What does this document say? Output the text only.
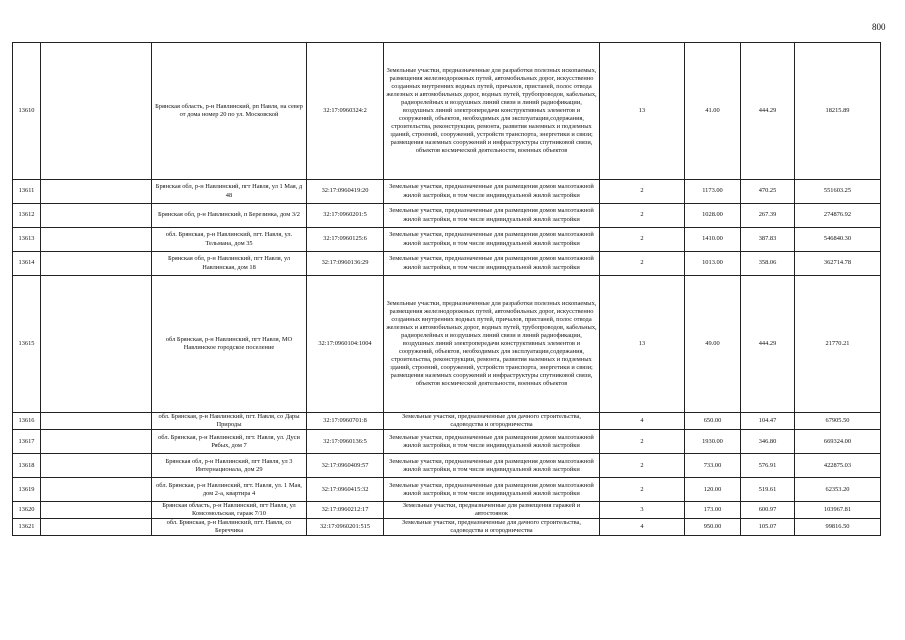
800
13610		Брянская область, р-н Навлинский, рп Навля, на север от дома номер 20 по ул. Московской	32:17:0960324:2	Земельные участки, предназначенные для разработки полезных ископаемых, размещения железнодорожных путей, автомобильных дорог, искусственно созданных внутренних водных путей, причалов, пристаней, полос отвода железных и автомобильных дорог, водных путей, трубопроводов, кабельных, радиорелейных и воздушных линий связи и линий радиофикации, воздушных линий электропередачи конструктивных элементов и сооружений, объектов, необходимых для эксплуатации,содержания, строительства, реконструкции, ремонта, развития наземных и подземных зданий, строений, сооружений, устройств транспорта, энергетики и связи; размещения наземных сооружений и инфраструктуры спутниковой связи, объектов космической деятельности, военных объектов	13	41.00	444.29	18215.89
13611		Брянская обл, р-н Навлинский, пгт Навля, ул 1 Мая, д 48	32:17:0960419:20	Земельные участки, предназначенные для размещения домов малоэтажной жилой застройки, в том числе индивидуальной жилой застройки	2	1173.00	470.25	551603.25
13612		Брянская обл, р-н Навлинский, п Березинка, дом 3/2	32:17:0960201:5	Земельные участки, предназначенные для размещения домов малоэтажной жилой застройки, в том числе индивидуальной жилой застройки	2	1028.00	267.39	274876.92
13613		обл. Брянская, р-н Навлинский, пгт. Навля, ул. Тельмана, дом 35	32:17:0960125:6	Земельные участки, предназначенные для размещения домов малоэтажной жилой застройки, в том числе индивидуальной жилой застройки	2	1410.00	387.83	546840.30
13614		Брянская обл, р-н Навлинский, пгт Навля, ул Навлинская, дом 18	32:17:0960136:29	Земельные участки, предназначенные для размещения домов малоэтажной жилой застройки, в том числе индивидуальной жилой застройки	2	1013.00	358.06	362714.78
13615		обл Брянская, р-н Навлинский, пгт Навля, МО Навлинское городское поселение	32:17:0960104:1004	Земельные участки, предназначенные для разработки полезных ископаемых, размещения железнодорожных путей, автомобильных дорог, искусственно созданных внутренних водных путей, причалов, пристаней, полос отвода железных и автомобильных дорог, водных путей, трубопроводов, кабельных, радиорелейных и воздушных линий связи и линий радиофикации, воздушных линий электропередачи конструктивных элементов и сооружений, объектов, необходимых для эксплуатации,содержания, строительства, реконструкции, ремонта, развития наземных и подземных зданий, строений, сооружений, устройств транспорта, энергетики и связи; размещения наземных сооружений и инфраструктуры спутниковой связи, объектов космической деятельности, военных объектов	13	49.00	444.29	21770.21
13616		обл. Брянская, р-н Навлинский, пгт. Навля, со Дары Природы	32:17:0960701:8	Земельные участки, предназначенные для дачного строительства, садоводства и огородничества	4	650.00	104.47	67905.50
13617		обл. Брянская, р-н Навлинский, пгт. Навля, ул. Дуси Рябых, дом 7	32:17:0960136:5	Земельные участки, предназначенные для размещения домов малоэтажной жилой застройки, в том числе индивидуальной жилой застройки	2	1930.00	346.80	669324.00
13618		Брянская обл, р-н Навлинский, пгт Навля, ул 3 Интернационала, дом 29	32:17:0960409:57	Земельные участки, предназначенные для размещения домов малоэтажной жилой застройки, в том числе индивидуальной жилой застройки	2	733.00	576.91	422875.03
13619		обл. Брянская, р-н Навлинский, пгт. Навля, ул. 1 Мая, дом 2-а, квартира 4	32:17:0960415:32	Земельные участки, предназначенные для размещения домов малоэтажной жилой застройки, в том числе индивидуальной жилой застройки	2	120.00	519.61	62353.20
13620		Брянская область, р-н Навлинский, пгт Навля, ул Комсомольская, гараж 7/10	32:17:0960212:17	Земельные участки, предназначенные для размещения гаражей и автостоянок	3	173.00	600.97	103967.81
13621		обл. Брянская, р-н Навлинский, пгт. Навля, со Береччика	32:17:0960201:515	Земельные участки, предназначенные для дачного строительства, садоводства и огородничества	4	950.00	105.07	99816.50
